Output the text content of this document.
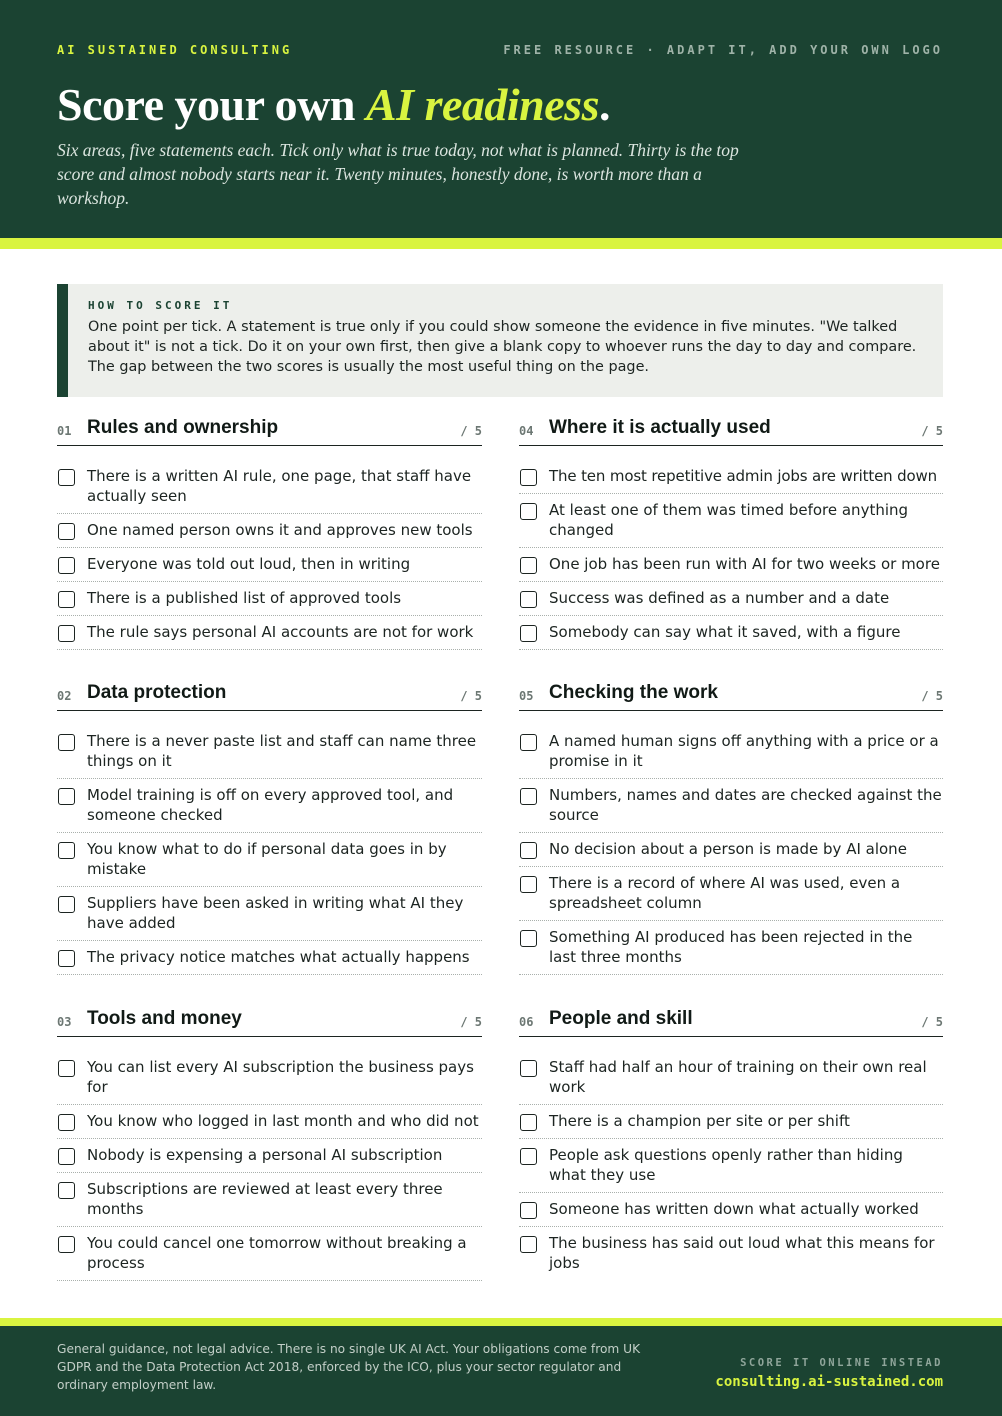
AI SUSTAINED CONSULTING	FREE RESOURCE · ADAPT IT, ADD YOUR OWN LOGO
Score your own AI readiness.

Six areas, five statements each. Tick only what is true today, not what is planned. Thirty is the top score and almost nobody starts near it. Twenty minutes, honestly done, is worth more than a workshop.

HOW TO SCORE IT

One point per tick. A statement is true only if you could show someone the evidence in five minutes. "We talked about it" is not a tick. Do it on your own first, then give a blank copy to whoever runs the day to day and compare. The gap between the two scores is usually the most useful thing on the page.

01 Rules and ownership	/ 5
There is a written AI rule, one page, that staff have actually seen
One named person owns it and approves new tools
Everyone was told out loud, then in writing
There is a published list of approved tools
The rule says personal AI accounts are not for work
02 Data protection	/ 5
There is a never paste list and staff can name three things on it
Model training is off on every approved tool, and someone checked
You know what to do if personal data goes in by mistake
Suppliers have been asked in writing what AI they have added
The privacy notice matches what actually happens
03 Tools and money	/ 5
You can list every AI subscription the business pays for
You know who logged in last month and who did not
Nobody is expensing a personal AI subscription
Subscriptions are reviewed at least every three months
You could cancel one tomorrow without breaking a process
04 Where it is actually used	/ 5
The ten most repetitive admin jobs are written down
At least one of them was timed before anything changed
One job has been run with AI for two weeks or more
Success was defined as a number and a date
Somebody can say what it saved, with a figure
05 Checking the work	/ 5
A named human signs off anything with a price or a promise in it
Numbers, names and dates are checked against the source
No decision about a person is made by AI alone
There is a record of where AI was used, even a spreadsheet column
Something AI produced has been rejected in the last three months
06 People and skill	/ 5
Staff had half an hour of training on their own real work
There is a champion per site or per shift
People ask questions openly rather than hiding what they use
Someone has written down what actually worked
The business has said out loud what this means for jobs

General guidance, not legal advice. There is no single UK AI Act. Your obligations come from UK GDPR and the Data Protection Act 2018, enforced by the ICO, plus your sector regulator and ordinary employment law.

SCORE IT ONLINE INSTEAD
consulting.ai-sustained.com
